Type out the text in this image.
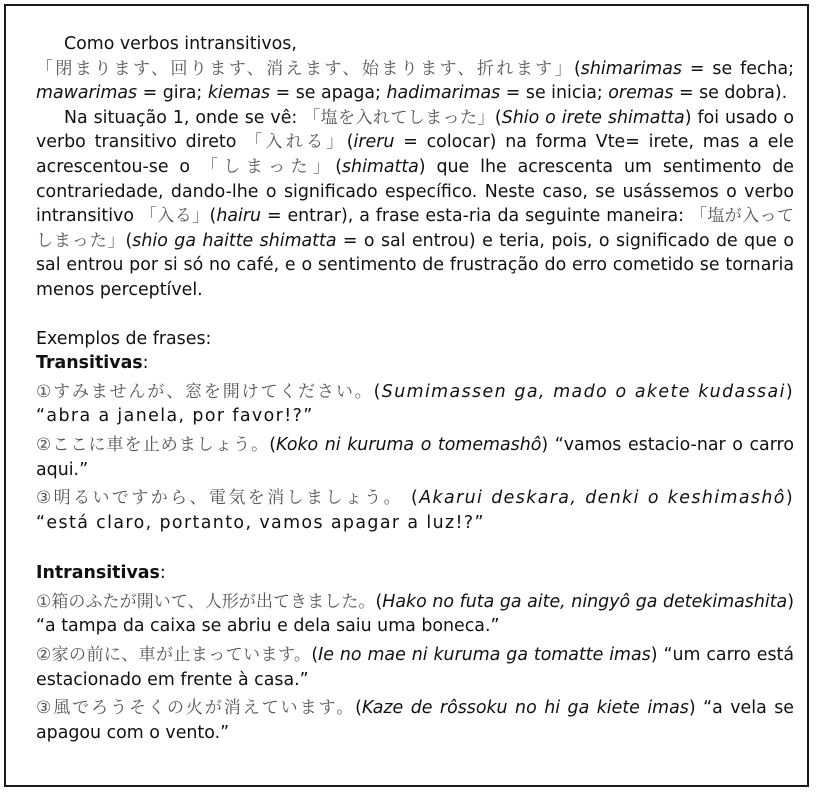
Como verbos intransitivos,
「閉まります、回ります、消えます、始まります、折れます」(shimarimas = se fecha; mawarimas = gira; kiemas = se apaga; hadimarimas = se inicia; oremas = se dobra).

Na situação 1, onde se vê: 「塩を入れてしまった」(Shio o irete shimatta) foi usado o verbo transitivo direto 「入れる」(ireru = colocar) na forma Vte= irete, mas a ele acrescentou-se o 「しまった」(shimatta) que lhe acrescenta um sentimento de contrariedade, dando-lhe o significado específico. Neste caso, se usássemos o verbo intransitivo 「入る」(hairu = entrar), a frase esta-ria da seguinte maneira: 「塩が入ってしまった」(shio ga haitte shimatta = o sal entrou) e teria, pois, o significado de que o sal entrou por si só no café, e o sentimento de frustração do erro cometido se tornaria menos perceptível.

Exemplos de frases:

Transitivas:

①すみませんが、窓を開けてください。(Sumimassen ga, mado o akete kudassai) “abra a janela, por favor!?”

②ここに車を止めましょう。(Koko ni kuruma o tomemashô) “vamos estacio-nar o carro aqui.”

③明るいですから、電気を消しましょう。 (Akarui deskara, denki o keshimashô) “está claro, portanto, vamos apagar a luz!?”

Intransitivas:

①箱のふたが開いて、人形が出てきました。(Hako no futa ga aite, ningyô ga detekimashita) “a tampa da caixa se abriu e dela saiu uma boneca.”

②家の前に、車が止まっています。(Ie no mae ni kuruma ga tomatte imas) “um carro está estacionado em frente à casa.”

③風でろうそくの火が消えています。(Kaze de rôssoku no hi ga kiete imas) “a vela se apagou com o vento.”
